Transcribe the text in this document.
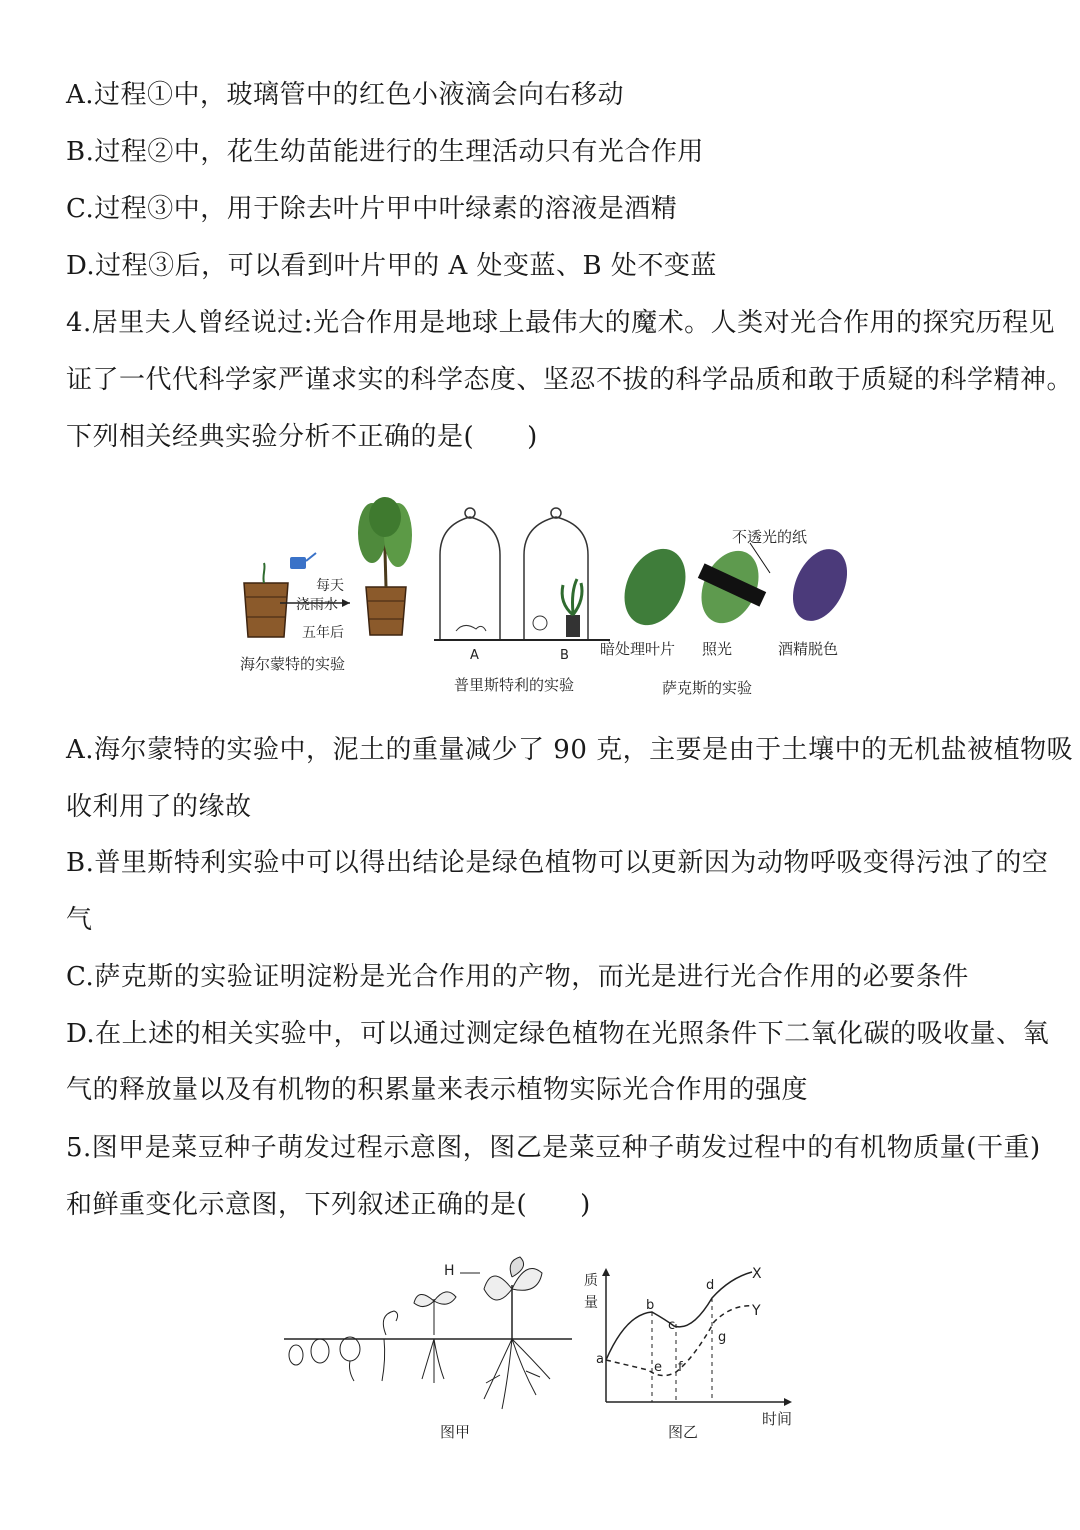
A.过程①中，玻璃管中的红色小液滴会向右移动
B.过程②中，花生幼苗能进行的生理活动只有光合作用
C.过程③中，用于除去叶片甲中叶绿素的溶液是酒精
D.过程③后，可以看到叶片甲的 A 处变蓝、B 处不变蓝
4.居里夫人曾经说过:光合作用是地球上最伟大的魔术。人类对光合作用的探究历程见
证了一代代科学家严谨求实的科学态度、坚忍不拔的科学品质和敢于质疑的科学精神。
下列相关经典实验分析不正确的是(　　)
每天
浇雨水
五年后
海尔蒙特的实验	A	B
普里斯特利的实验
不透光的纸
暗处理叶片 照光	酒精脱色
萨克斯的实验
A.海尔蒙特的实验中，泥土的重量减少了 90 克，主要是由于土壤中的无机盐被植物吸
收利用了的缘故
B.普里斯特利实验中可以得出结论是绿色植物可以更新因为动物呼吸变得污浊了的空
气
C.萨克斯的实验证明淀粉是光合作用的产物，而光是进行光合作用的必要条件
D.在上述的相关实验中，可以通过测定绿色植物在光照条件下二氧化碳的吸收量、氧
气的释放量以及有机物的积累量来表示植物实际光合作用的强度
5.图甲是菜豆种子萌发过程示意图，图乙是菜豆种子萌发过程中的有机物质量(干重)
和鲜重变化示意图，下列叙述正确的是(　　)
H
图甲
质
量
X
Y
a
b
c
d
e f
g
时间
图乙
